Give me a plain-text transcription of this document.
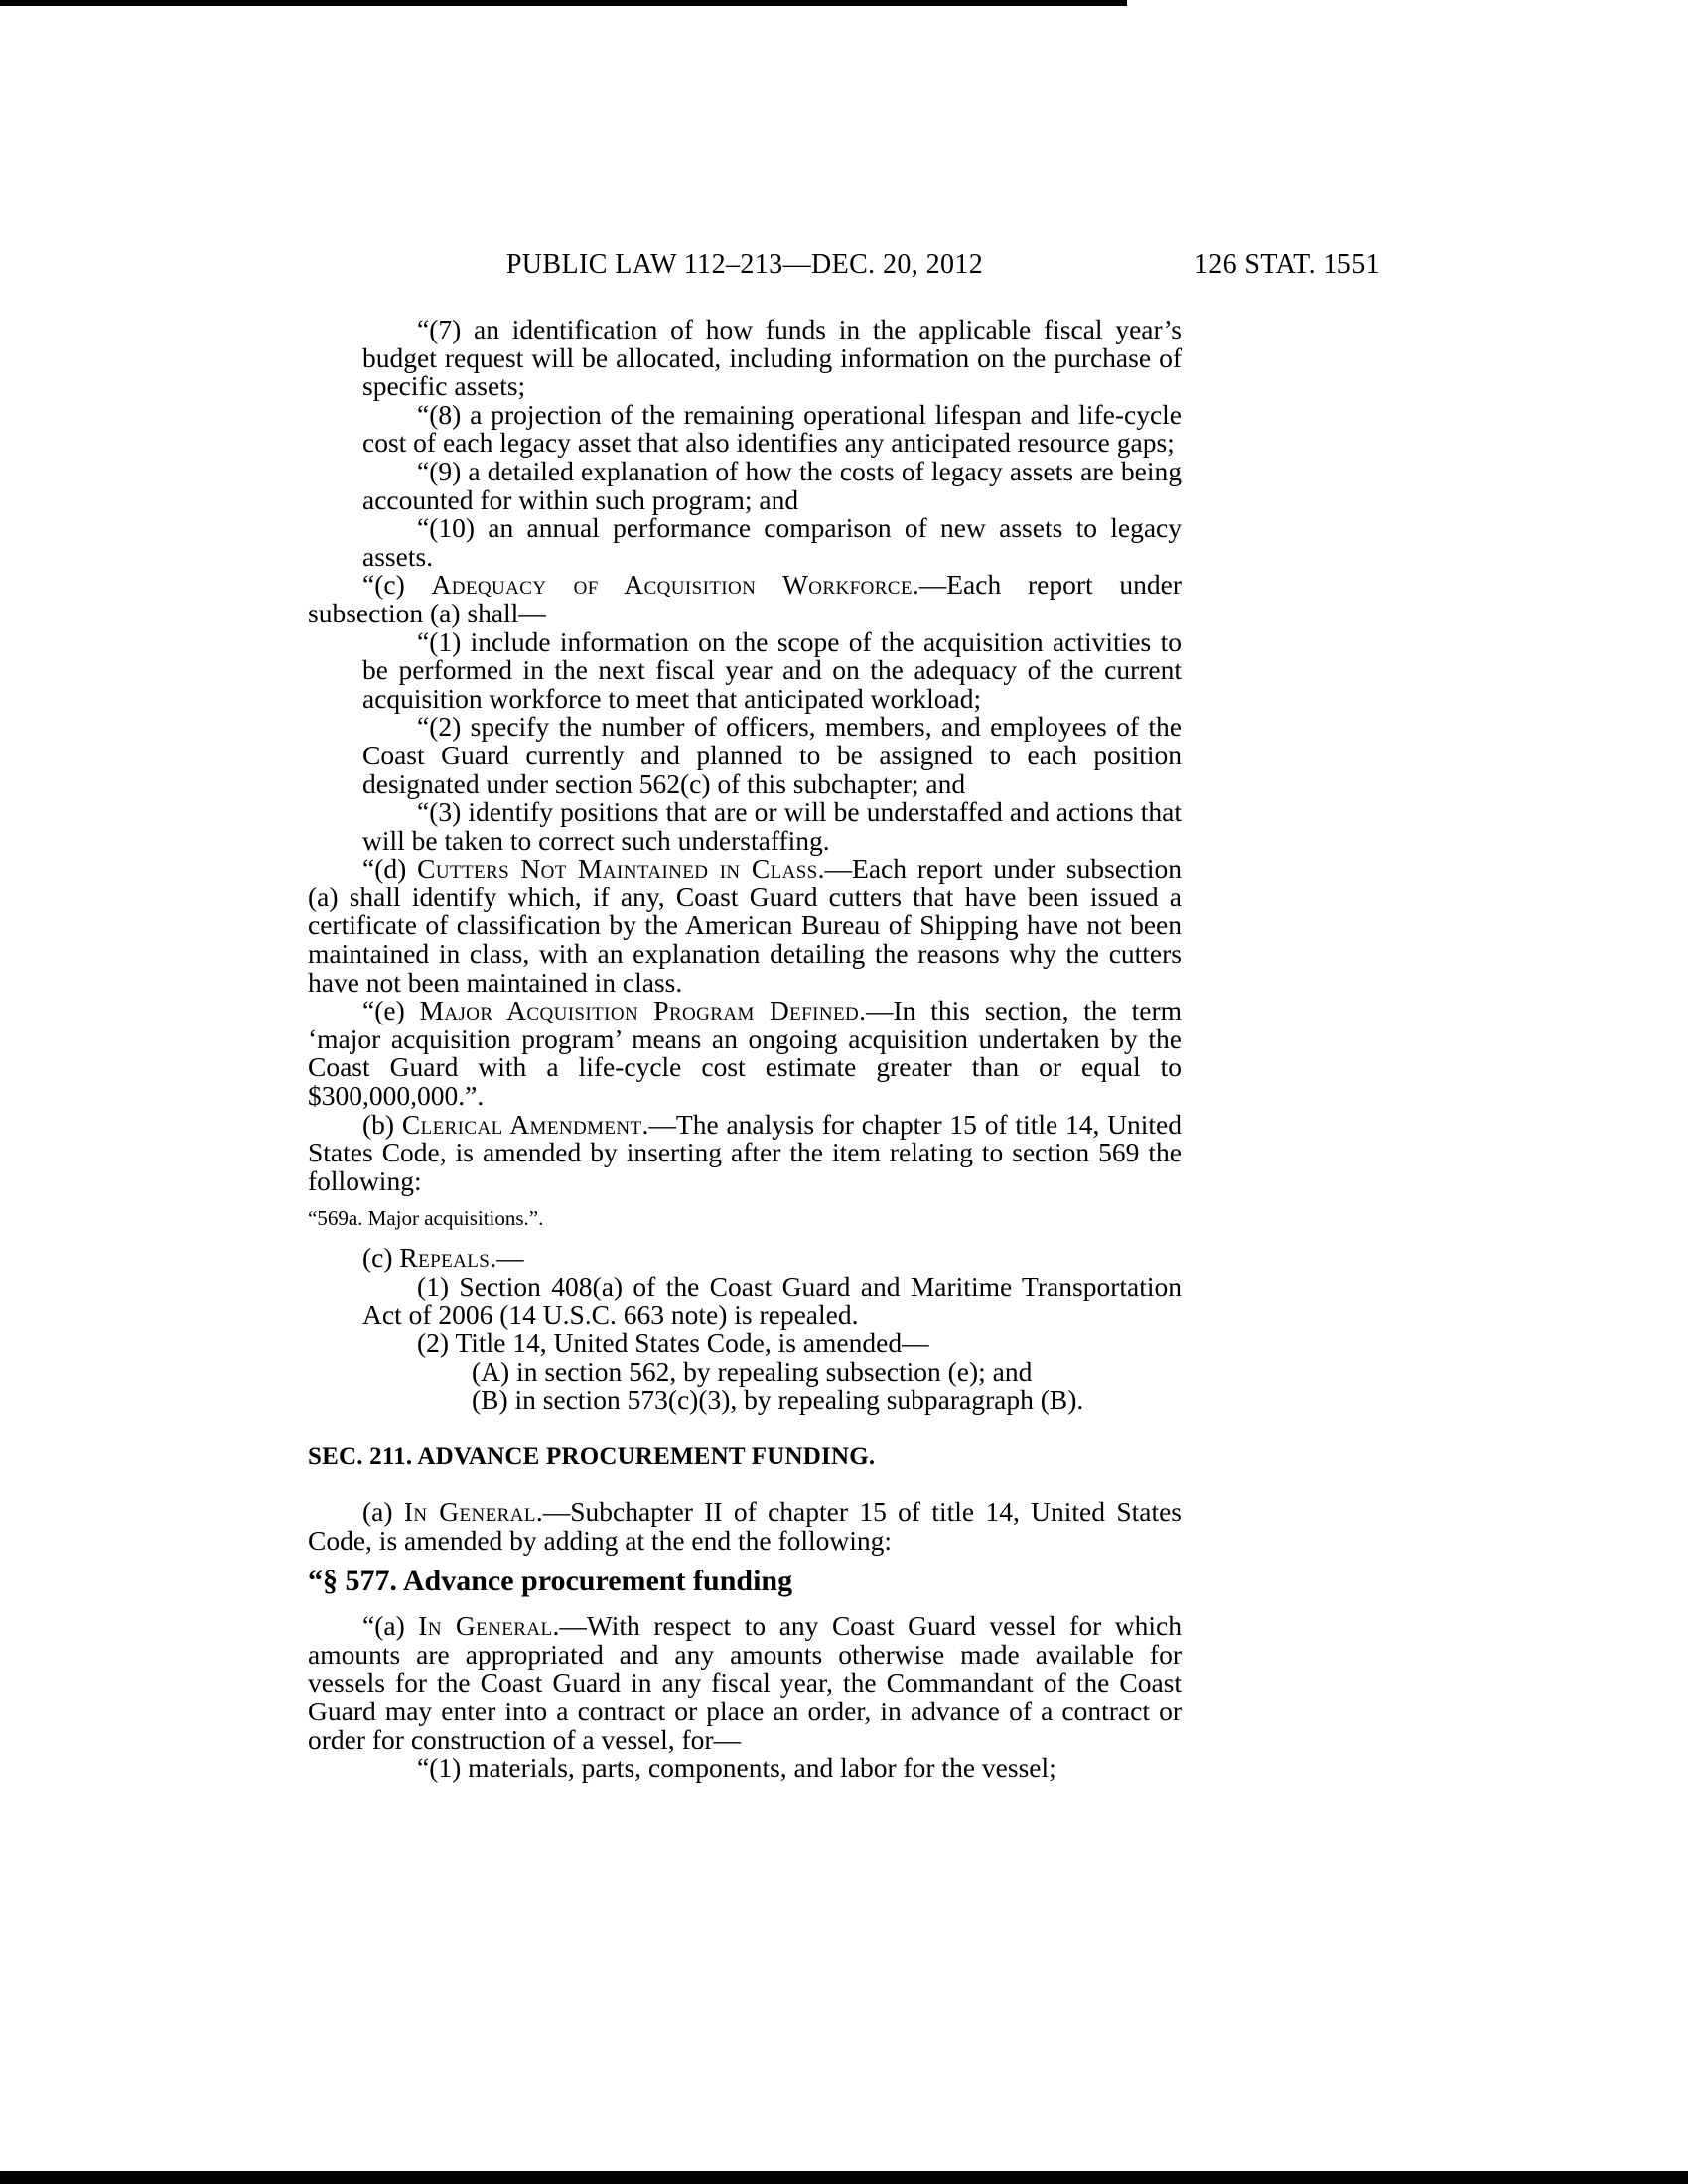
PUBLIC LAW 112–213—DEC. 20, 2012	126 STAT. 1551
“(7) an identification of how funds in the applicable fiscal year’s budget request will be allocated, including information on the purchase of specific assets;
“(8) a projection of the remaining operational lifespan and life-cycle cost of each legacy asset that also identifies any anticipated resource gaps;
“(9) a detailed explanation of how the costs of legacy assets are being accounted for within such program; and
“(10) an annual performance comparison of new assets to legacy assets.
“(c) Adequacy of Acquisition Workforce.—Each report under subsection (a) shall—
“(1) include information on the scope of the acquisition activities to be performed in the next fiscal year and on the adequacy of the current acquisition workforce to meet that anticipated workload;
“(2) specify the number of officers, members, and employees of the Coast Guard currently and planned to be assigned to each position designated under section 562(c) of this subchapter; and
“(3) identify positions that are or will be understaffed and actions that will be taken to correct such understaffing.
“(d) Cutters Not Maintained in Class.—Each report under subsection (a) shall identify which, if any, Coast Guard cutters that have been issued a certificate of classification by the American Bureau of Shipping have not been maintained in class, with an explanation detailing the reasons why the cutters have not been maintained in class.
“(e) Major Acquisition Program Defined.—In this section, the term ‘major acquisition program’ means an ongoing acquisition undertaken by the Coast Guard with a life-cycle cost estimate greater than or equal to $300,000,000.”.
(b) Clerical Amendment.—The analysis for chapter 15 of title 14, United States Code, is amended by inserting after the item relating to section 569 the following:
“569a. Major acquisitions.”.
(c) Repeals.—
(1) Section 408(a) of the Coast Guard and Maritime Transportation Act of 2006 (14 U.S.C. 663 note) is repealed.
(2) Title 14, United States Code, is amended—
(A) in section 562, by repealing subsection (e); and
(B) in section 573(c)(3), by repealing subparagraph (B).
SEC. 211. ADVANCE PROCUREMENT FUNDING.
(a) In General.—Subchapter II of chapter 15 of title 14, United States Code, is amended by adding at the end the following:
“§ 577. Advance procurement funding
“(a) In General.—With respect to any Coast Guard vessel for which amounts are appropriated and any amounts otherwise made available for vessels for the Coast Guard in any fiscal year, the Commandant of the Coast Guard may enter into a contract or place an order, in advance of a contract or order for construction of a vessel, for—
“(1) materials, parts, components, and labor for the vessel;
